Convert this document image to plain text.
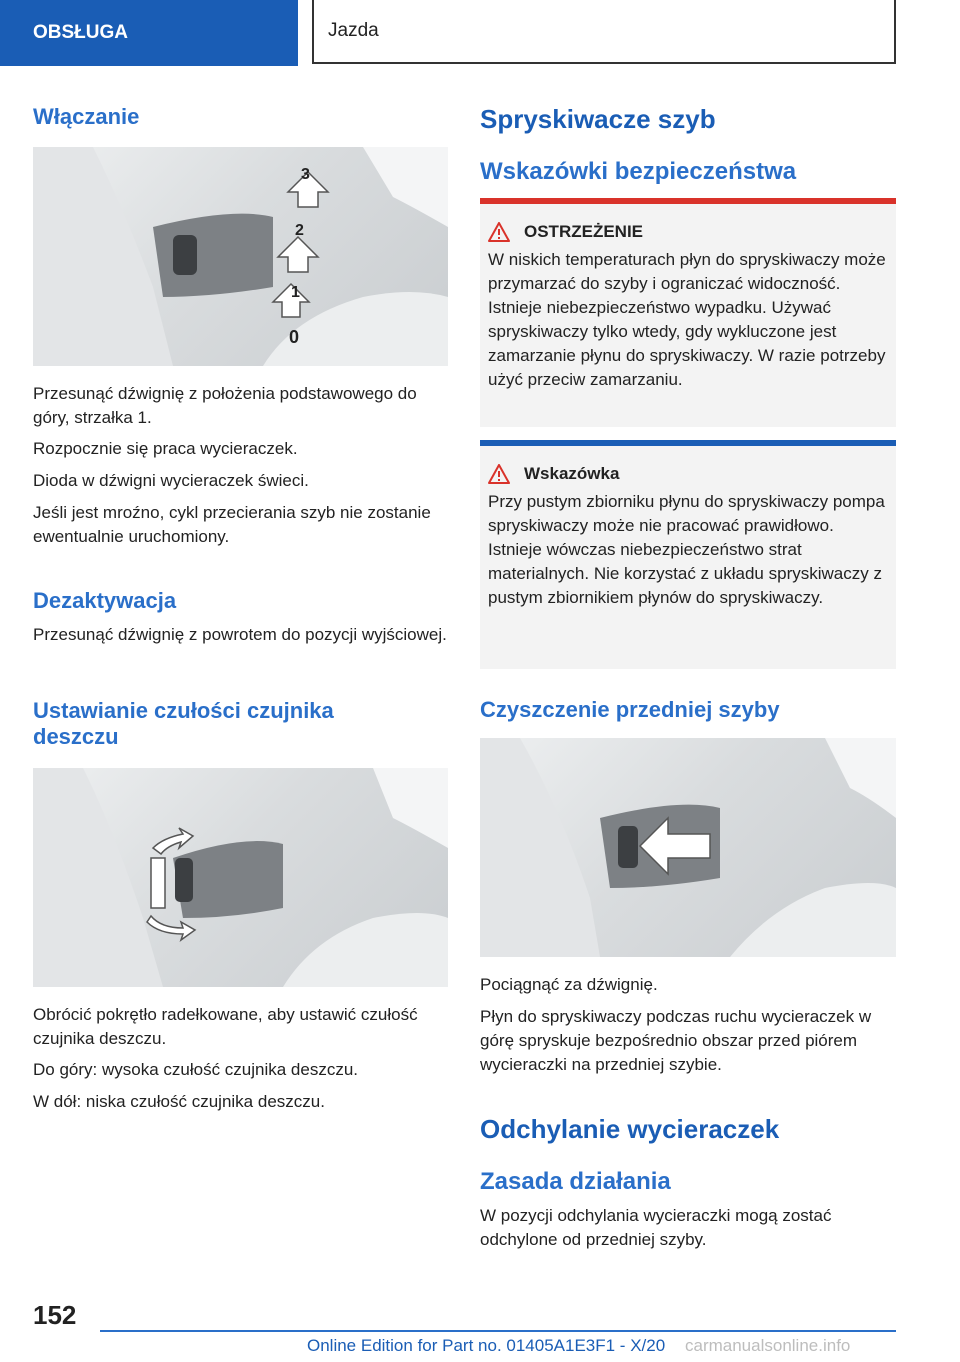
OBSŁUGA	Jazda
Włączanie
3
2
1
0

Przesunąć dźwignię z położenia podstawowego do góry, strzałka 1.

Rozpocznie się praca wycieraczek.

Dioda w dźwigni wycieraczek świeci.

Jeśli jest mroźno, cykl przecierania szyb nie zostanie ewentualnie uruchomiony.

Dezaktywacja

Przesunąć dźwignię z powrotem do pozycji wyjściowej.

Ustawianie czułości czujnika deszczu

Obrócić pokrętło radełkowane, aby ustawić czułość czujnika deszczu.

Do góry: wysoka czułość czujnika deszczu.

W dół: niska czułość czujnika deszczu.

Spryskiwacze szyb
Wskazówki bezpieczeństwa
OSTRZEŻENIE

W niskich temperaturach płyn do spryskiwaczy może przymarzać do szyby i ograniczać widoczność. Istnieje niebezpieczeństwo wypadku. Używać spryskiwaczy tylko wtedy, gdy wykluczone jest zamarzanie płynu do spryskiwaczy. W razie potrzeby użyć przeciw zamarzaniu.

Wskazówka

Przy pustym zbiorniku płynu do spryskiwaczy pompa spryskiwaczy może nie pracować prawidłowo. Istnieje wówczas niebezpieczeństwo strat materialnych. Nie korzystać z układu spryskiwaczy z pustym zbiornikiem płynów do spryskiwaczy.

Czyszczenie przedniej szyby

Pociągnąć za dźwignię.

Płyn do spryskiwaczy podczas ruchu wycieraczek w górę spryskuje bezpośrednio obszar przed piórem wycieraczki na przedniej szybie.

Odchylanie wycieraczek
Zasada działania

W pozycji odchylania wycieraczki mogą zostać odchylone od przedniej szyby.

152
Online Edition for Part no. 01405A1E3F1 - X/20 carmanualsonline.info
